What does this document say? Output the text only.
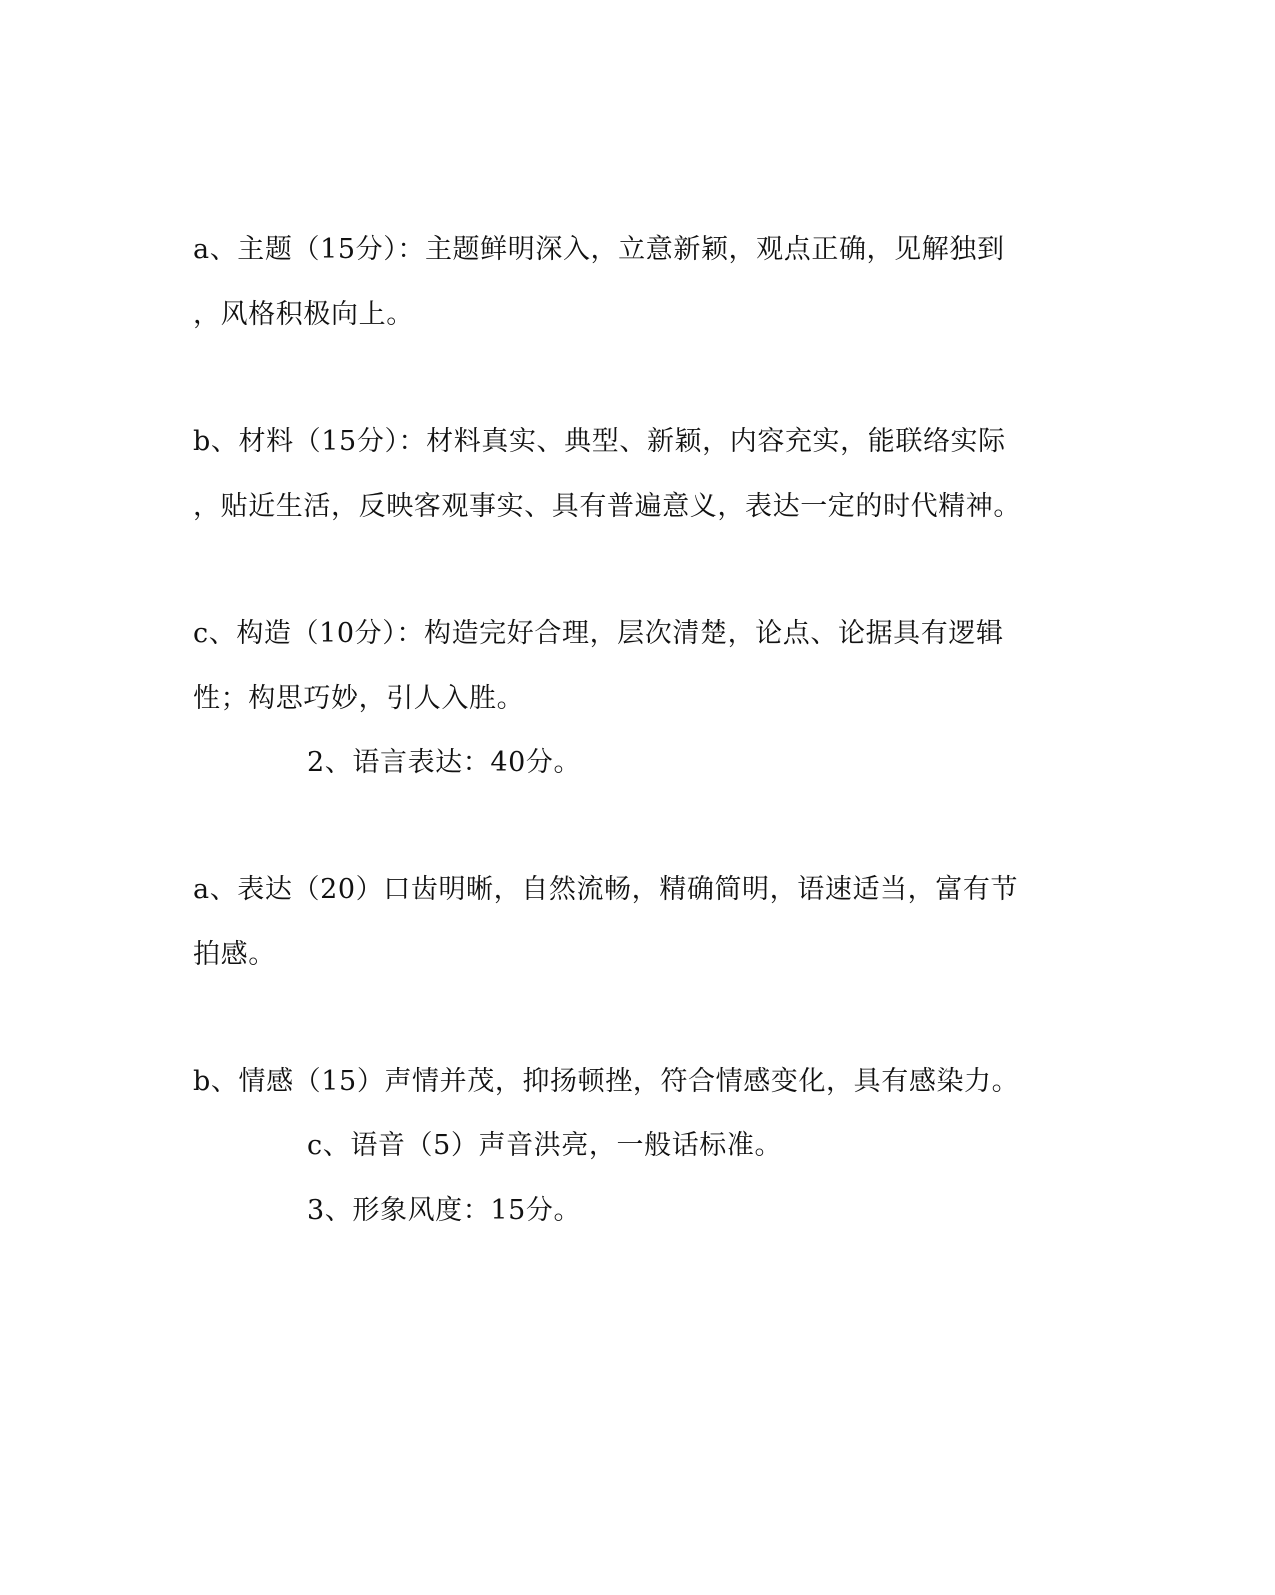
a、主题（15分）：主题鲜明深入，立意新颖，观点正确，见解独到
，风格积极向上。
b、材料（15分）：材料真实、典型、新颖，内容充实，能联络实际
，贴近生活，反映客观事实、具有普遍意义，表达一定的时代精神。
c、构造（10分）：构造完好合理，层次清楚，论点、论据具有逻辑
性；构思巧妙，引人入胜。
2、语言表达：40分。
a、表达（20）口齿明晰，自然流畅，精确简明，语速适当，富有节
拍感。
b、情感（15）声情并茂，抑扬顿挫，符合情感变化，具有感染力。
c、语音（5）声音洪亮，一般话标准。
3、形象风度：15分。
